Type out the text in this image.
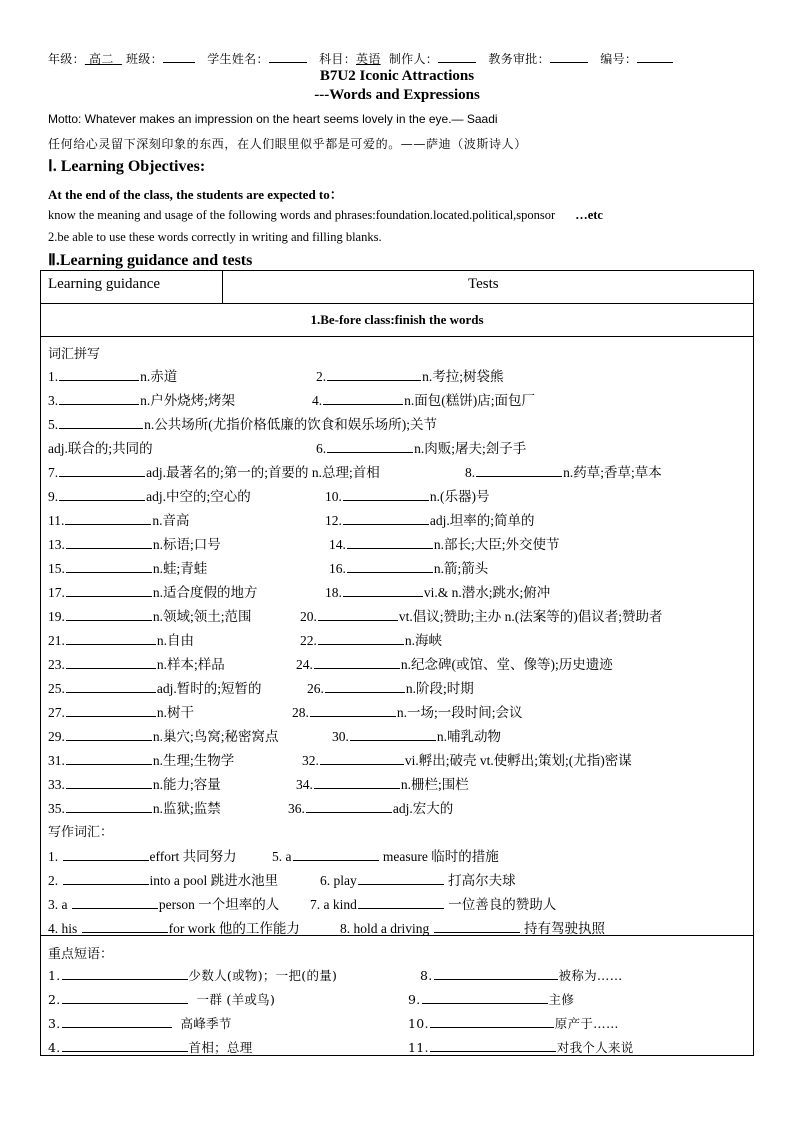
年级： 高二 班级：	学生姓名：	科目：英语 制作人：	教务审批：	编号：
B7U2 Iconic Attractions
---Words and Expressions
Motto: Whatever makes an impression on the heart seems lovely in the eye.— Saadi
任何给心灵留下深刻印象的东西，在人们眼里似乎都是可爱的。——萨迪（波斯诗人）
Ⅰ. Learning Objectives:
At the end of the class, the students are expected to：
know the meaning and usage of the following words and phrases:foundation.located.political,sponsor …etc
2.be able to use these words correctly in writing and filling blanks.
Ⅱ.Learning guidance and tests
Learning guidance	Tests
1.Be-fore class:finish the words
词汇拼写
1.	n.赤道	2.	n.考拉;树袋熊
3.	n.户外烧烤;烤架	4.	n.面包(糕饼)店;面包厂
5.	n.公共场所(尤指价格低廉的饮食和娱乐场所);关节
adj.联合的;共同的	6.	n.肉贩;屠夫;刽子手
7.	adj.最著名的;第一的;首要的 n.总理;首相	8.	n.药草;香草;草本
9.	adj.中空的;空心的	10.	n.(乐器)号
11.	n.音高	12.	adj.坦率的;简单的
13.	n.标语;口号	14.	n.部长;大臣;外交使节
15.	n.蛙;青蛙	16.	n.箭;箭头
17.	n.适合度假的地方	18.	vi.& n.潜水;跳水;俯冲
19.	n.领域;领土;范围	20.	vt.倡议;赞助;主办 n.(法案等的)倡议者;赞助者
21.	n.自由	22.	n.海峡
23.	n.样本;样品	24.	n.纪念碑(或馆、堂、像等);历史遗迹
25.	adj.暂时的;短暂的	26.	n.阶段;时期
27.	n.树干	28.	n.一场;一段时间;会议
29.	n.巢穴;鸟窝;秘密窝点	30.	n.哺乳动物
31.	n.生理;生物学	32.	vi.孵出;破壳 vt.使孵出;策划;(尤指)密谋
33.	n.能力;容量	34.	n.栅栏;围栏
35.	n.监狱;监禁	36.	adj.宏大的
写作词汇：
1.	effort 共同努力	5. a	measure 临时的措施
2.	into a pool 跳进水池里	6. play	打高尔夫球
3. a	person 一个坦率的人 7. a kind	一位善良的赞助人
4. his	for work 他的工作能力	8. hold a driving	持有驾驶执照
重点短语：
1.	少数人(或物)；一把(的量)	8.	被称为……
2.	一群 (羊或鸟)	9.	主修
3.	高峰季节	10.	原产于……
4.	首相；总理	11.	对我个人来说
